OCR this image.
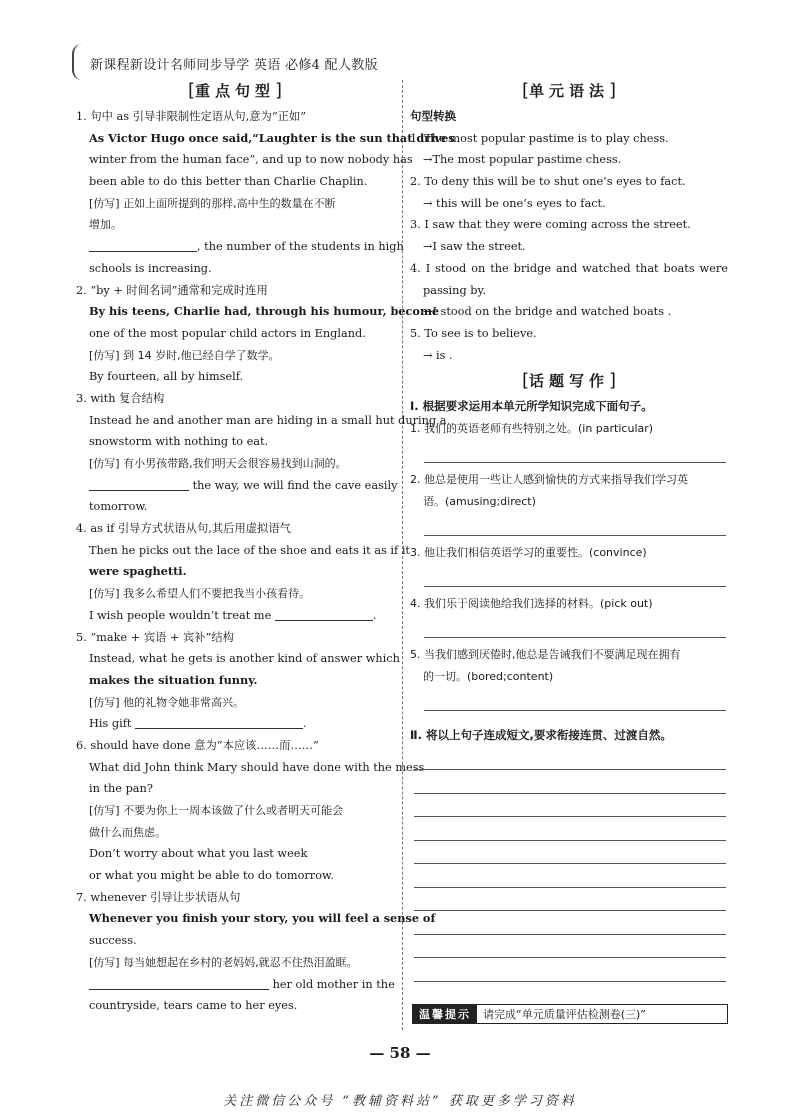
新课程新设计名师同步导学 英语 必修4 配人教版
[重点句型]
1. 句中 as 引导非限制性定语从句,意为“正如”
As Victor Hugo once said,“Laughter is the sun that drives
winter from the human face”, and up to now nobody has
been able to do this better than Charlie Chaplin.
[仿写] 正如上面所提到的那样,高中生的数量在不断
增加。
, the number of the students in high
schools is increasing.
2. “by + 时间名词”通常和完成时连用
By his teens, Charlie had, through his humour, become
one of the most popular child actors in England.
[仿写] 到 14 岁时,他已经自学了数学。
By fourteen, all by himself.
3. with 复合结构
Instead he and another man are hiding in a small hut during a
snowstorm with nothing to eat.
[仿写] 有小男孩带路,我们明天会很容易找到山洞的。
the way, we will find the cave easily
tomorrow.
4. as if 引导方式状语从句,其后用虚拟语气
Then he picks out the lace of the shoe and eats it as if it
were spaghetti.
[仿写] 我多么希望人们不要把我当小孩看待。
I wish people wouldn’t treat me	.
5. “make + 宾语 + 宾补”结构
Instead, what he gets is another kind of answer which
makes the situation funny.
[仿写] 他的礼物令她非常高兴。
His gift	.
6. should have done 意为“本应该……而……”
What did John think Mary should have done with the mess
in the pan?
[仿写] 不要为你上一周本该做了什么或者明天可能会
做什么而焦虑。
Don’t worry about what you last week
or what you might be able to do tomorrow.
7. whenever 引导让步状语从句
Whenever you finish your story, you will feel a sense of
success.
[仿写] 每当她想起在乡村的老妈妈,就忍不住热泪盈眶。
her old mother in the
countryside, tears came to her eyes.
[单元语法]
句型转换
1. The most popular pastime is to play chess.
→The most popular pastime chess.
2. To deny this will be to shut one’s eyes to fact.
→ this will be one’s eyes to fact.
3. I saw that they were coming across the street.
→I saw the street.
4. I stood on the bridge and watched that boats were
passing by.
→I stood on the bridge and watched boats .
5. To see is to believe.
→ is .
[话题写作]
Ⅰ. 根据要求运用本单元所学知识完成下面句子。
1. 我们的英语老师有些特别之处。(in particular)
2. 他总是使用一些让人感到愉快的方式来指导我们学习英
语。(amusing;direct)
3. 他让我们相信英语学习的重要性。(convince)
4. 我们乐于阅读他给我们选择的材料。(pick out)
5. 当我们感到厌倦时,他总是告诫我们不要满足现在拥有
的一切。(bored;content)
Ⅱ. 将以上句子连成短文,要求衔接连贯、过渡自然。
温馨提示	请完成“单元质量评估检测卷(三)”
— 58 —
关注微信公众号 “教辅资料站” 获取更多学习资料
